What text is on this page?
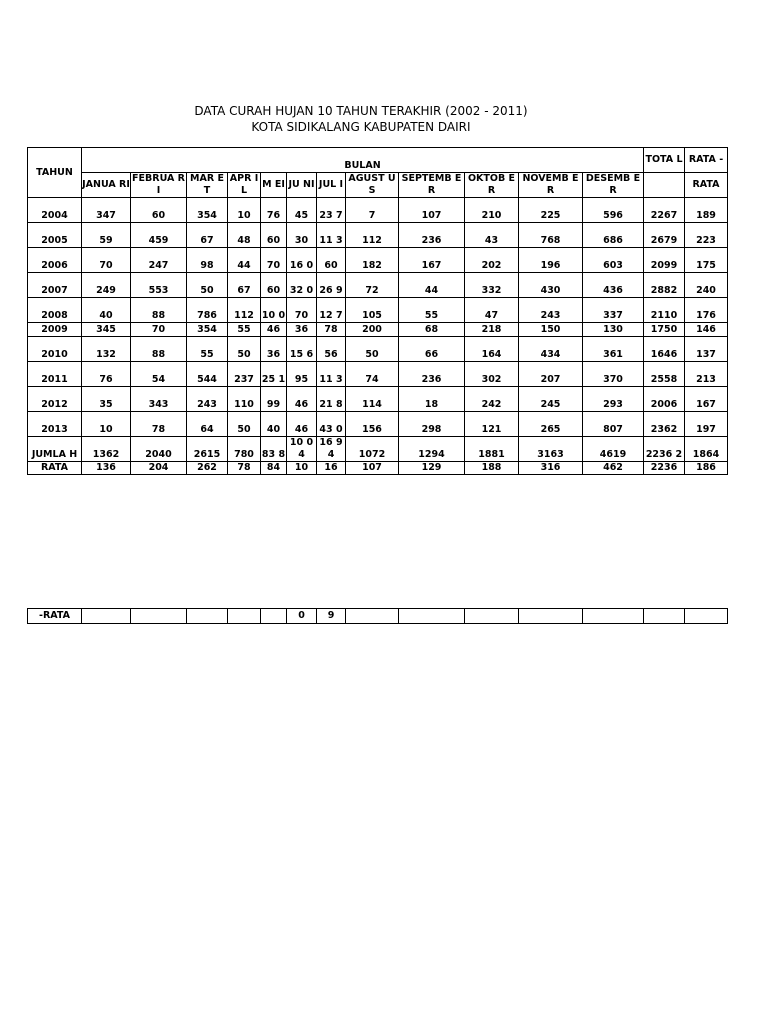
DATA CURAH HUJAN 10 TAHUN TERAKHIR (2002 - 2011)
KOTA SIDIKALANG KABUPATEN DAIRI
TAHUN	BULAN												TOTA L	RATA -
	JANUA RI	FEBRUA RI	MAR ET	APR IL	M EI	JU NI	JUL I	AGUST US	SEPTEMB ER	OKTOB ER	NOVEMB ER	DESEMB ER		RATA
2004	347	60	354	10	76	45	23 7	7	107	210	225	596	2267	189
2005	59	459	67	48	60	30	11 3	112	236	43	768	686	2679	223
2006	70	247	98	44	70	16 0	60	182	167	202	196	603	2099	175
2007	249	553	50	67	60	32 0	26 9	72	44	332	430	436	2882	240
2008	40	88	786	112	10 0	70	12 7	105	55	47	243	337	2110	176
2009	345	70	354	55	46	36	78	200	68	218	150	130	1750	146
2010	132	88	55	50	36	15 6	56	50	66	164	434	361	1646	137
2011	76	54	544	237	25 1	95	11 3	74	236	302	207	370	2558	213
2012	35	343	243	110	99	46	21 8	114	18	242	245	293	2006	167
2013	10	78	64	50	40	46	43 0	156	298	121	265	807	2362	197
JUMLA H	1362	2040	2615	780	83 8	10 04	16 94	1072	1294	1881	3163	4619	2236 2	1864
RATA	136	204	262	78	84	10	16	107	129	188	316	462	2236	186
-RATA						0	9							
